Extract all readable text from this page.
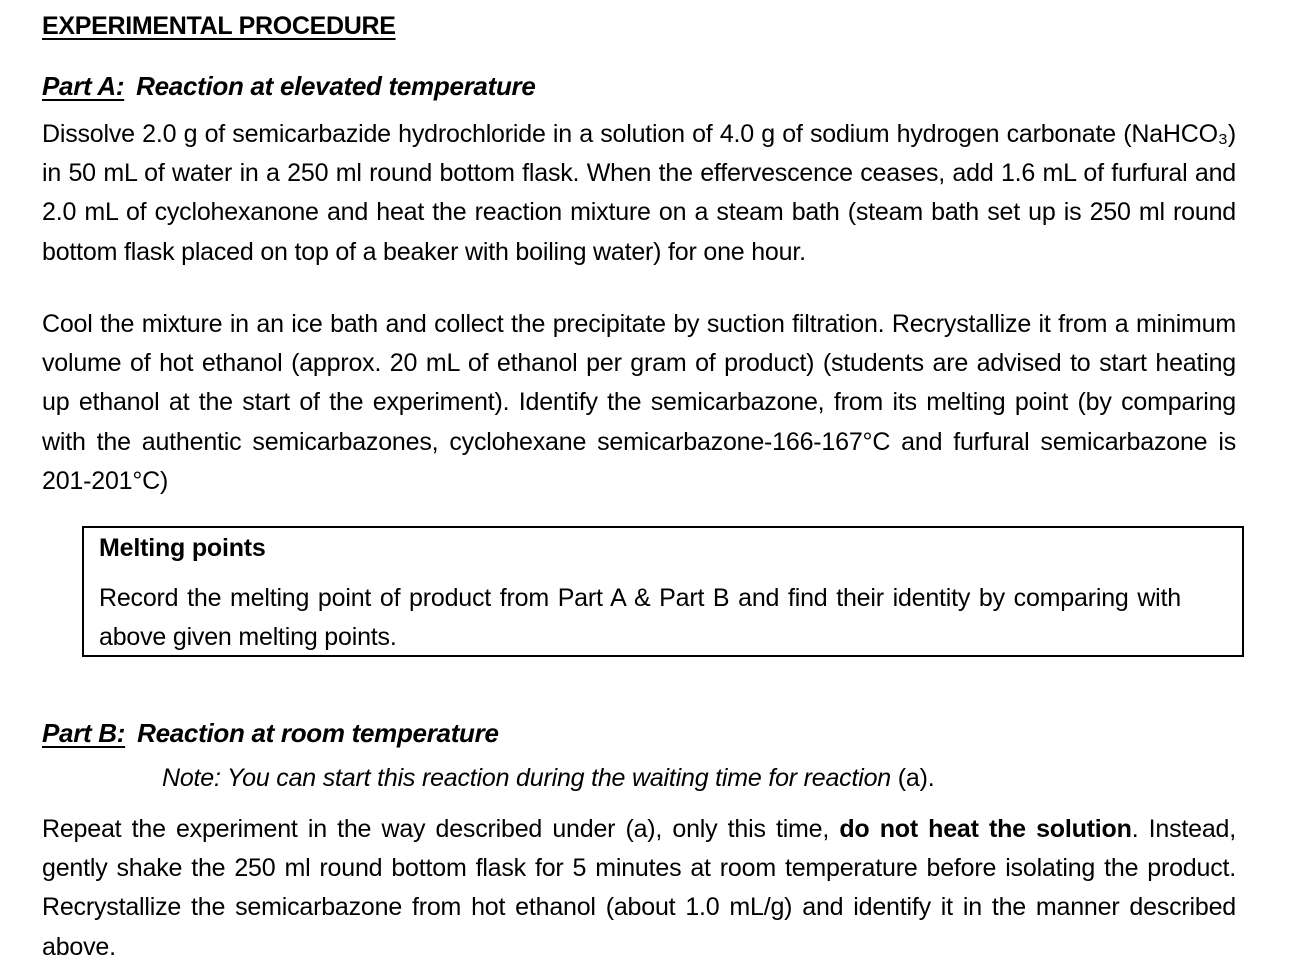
EXPERIMENTAL PROCEDURE
Part A: Reaction at elevated temperature
Dissolve 2.0 g of semicarbazide hydrochloride in a solution of 4.0 g of sodium hydrogen carbonate (NaHCO₃) in 50 mL of water in a 250 ml round bottom flask. When the effervescence ceases, add 1.6 mL of furfural and 2.0 mL of cyclohexanone and heat the reaction mixture on a steam bath (steam bath set up is 250 ml round bottom flask placed on top of a beaker with boiling water) for one hour.
Cool the mixture in an ice bath and collect the precipitate by suction filtration. Recrystallize it from a minimum volume of hot ethanol (approx. 20 mL of ethanol per gram of product) (students are advised to start heating up ethanol at the start of the experiment). Identify the semicarbazone, from its melting point (by comparing with the authentic semicarbazones, cyclohexane semicarbazone-166-167°C and furfural semicarbazone is 201-201°C)
Melting points
Record the melting point of product from Part A & Part B and find their identity by comparing with above given melting points.
Part B: Reaction at room temperature
Note: You can start this reaction during the waiting time for reaction (a).
Repeat the experiment in the way described under (a), only this time, do not heat the solution. Instead, gently shake the 250 ml round bottom flask for 5 minutes at room temperature before isolating the product. Recrystallize the semicarbazone from hot ethanol (about 1.0 mL/g) and identify it in the manner described above.
